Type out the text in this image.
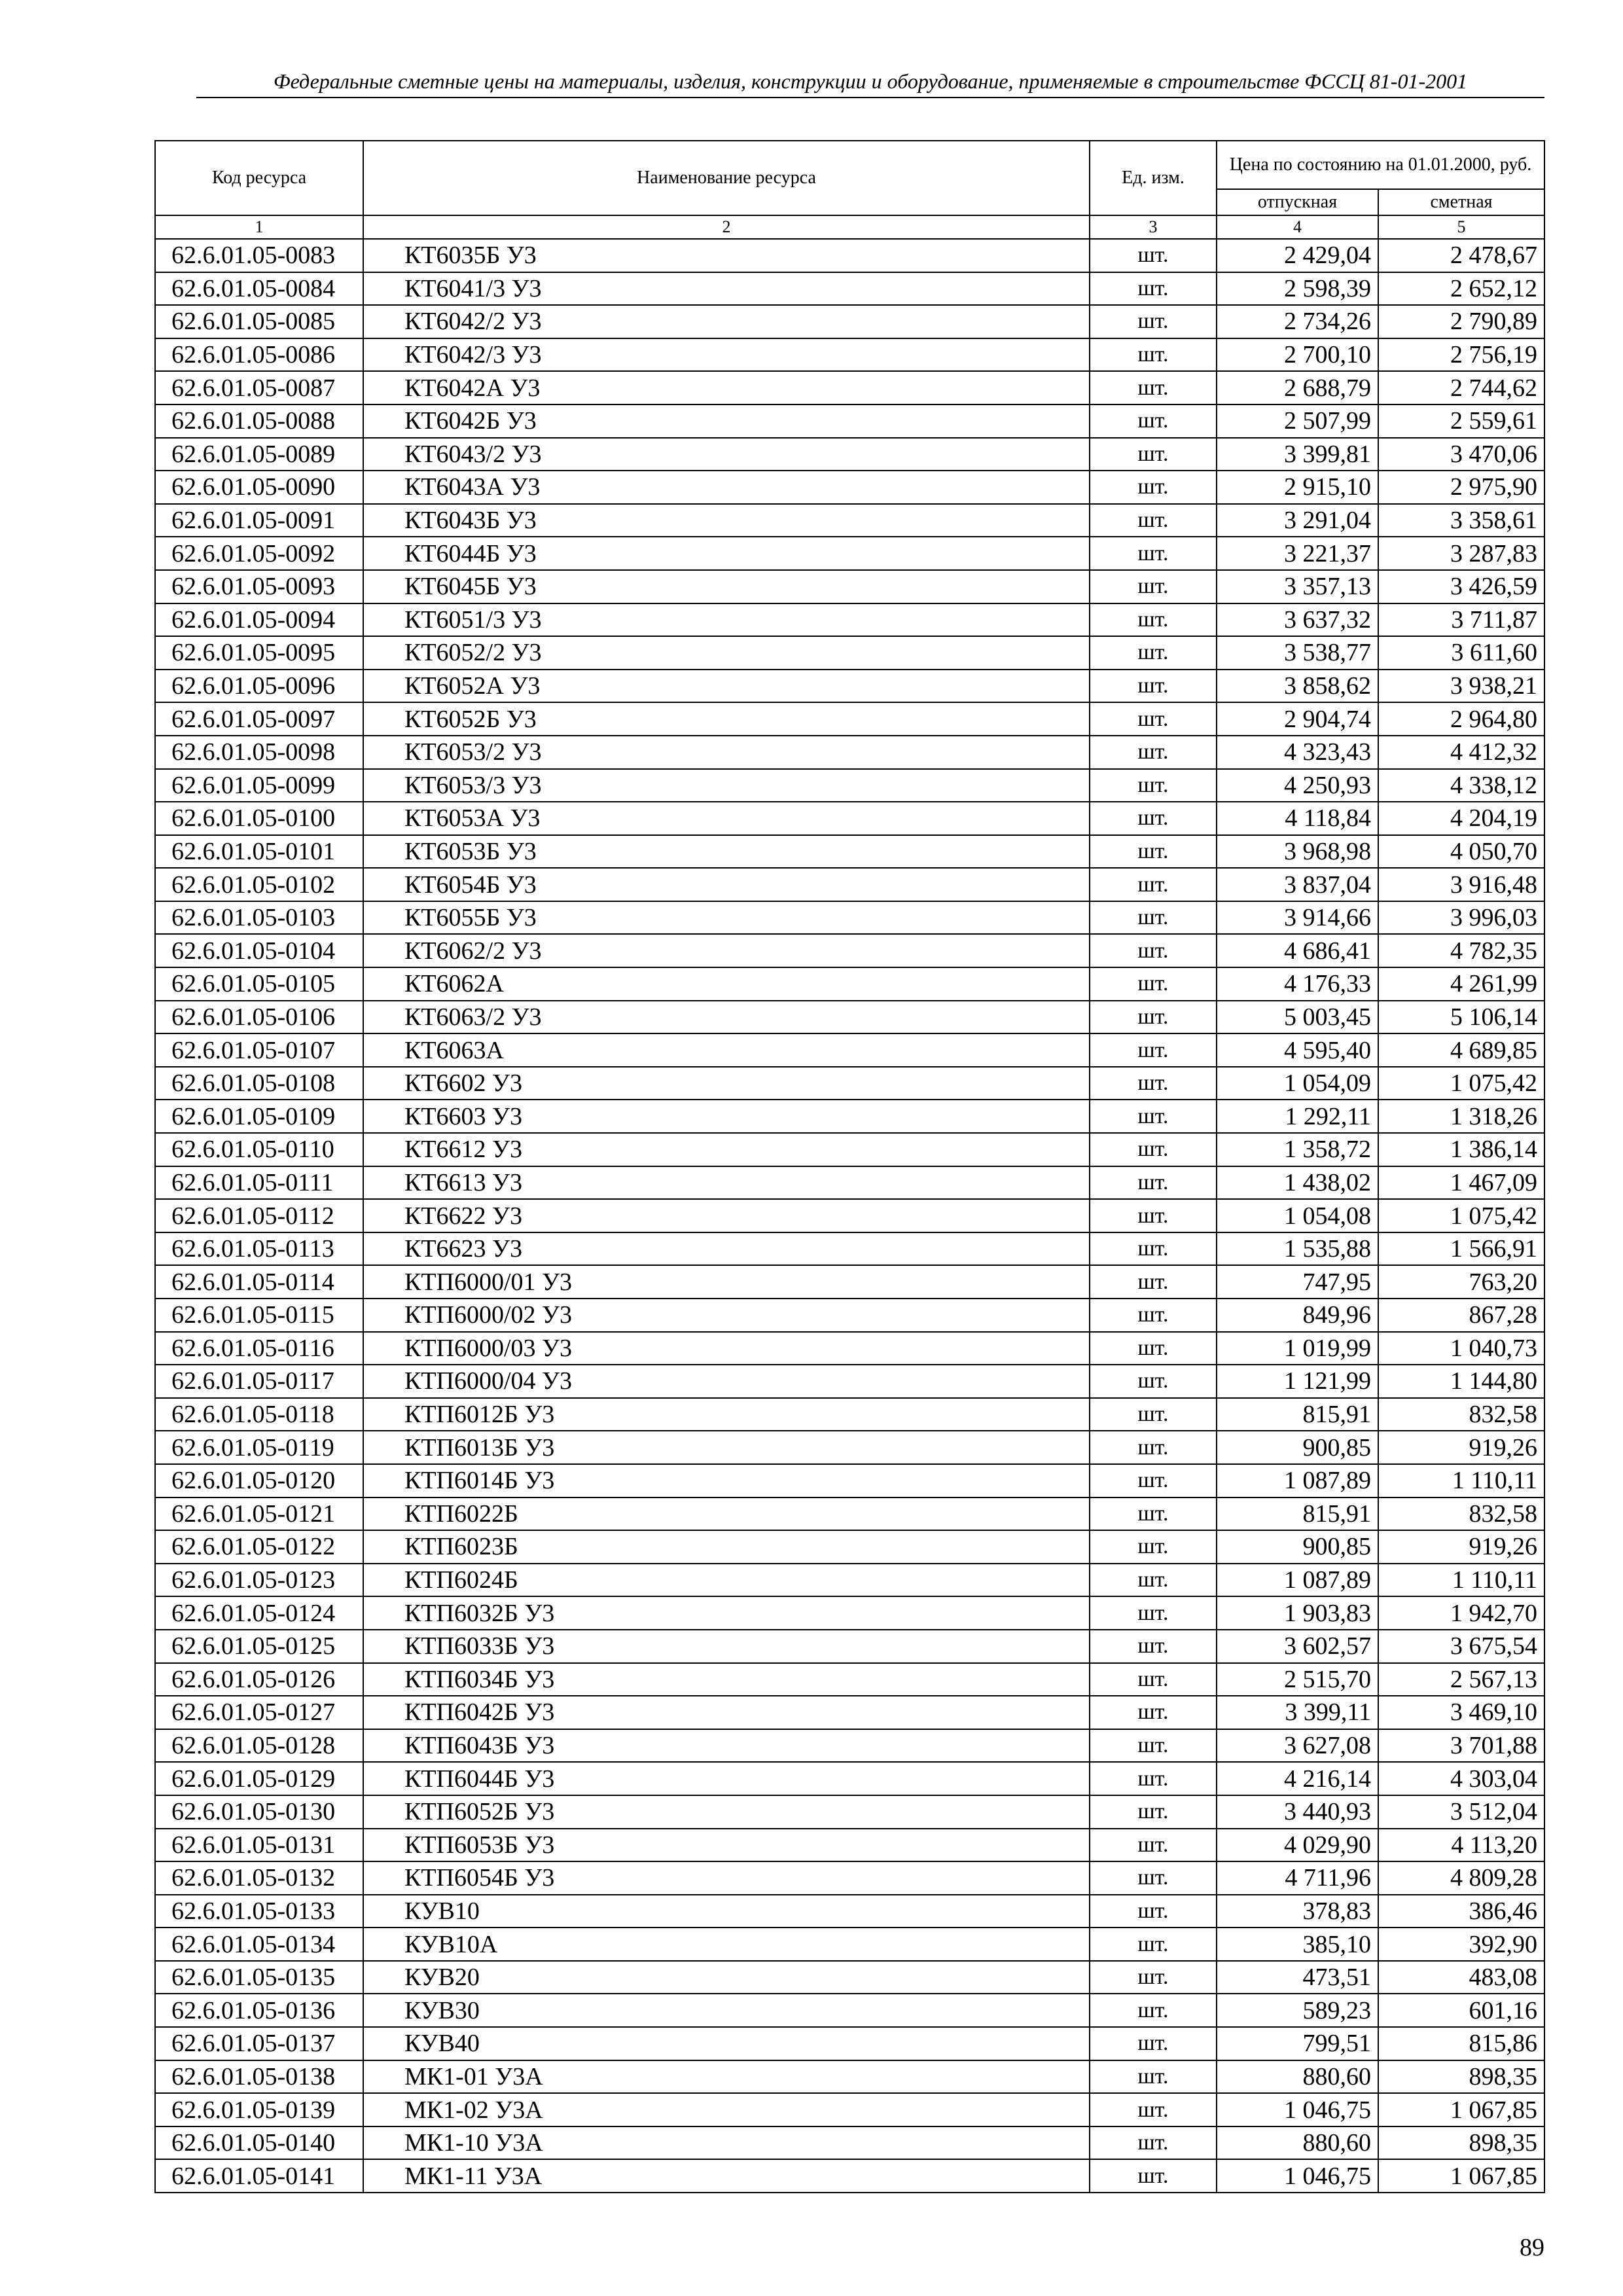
Федеральные сметные цены на материалы, изделия, конструкции и оборудование, применяемые в строительстве ФССЦ 81-01-2001
Код ресурса	Наименование ресурса	Ед. изм.	Цена по состоянию на 01.01.2000, руб.	
			отпускная	сметная
1	2	3	4	5
62.6.01.05-0083	КТ6035Б У3	шт.	2 429,04	2 478,67
62.6.01.05-0084	КТ6041/3 У3	шт.	2 598,39	2 652,12
62.6.01.05-0085	КТ6042/2 У3	шт.	2 734,26	2 790,89
62.6.01.05-0086	КТ6042/3 У3	шт.	2 700,10	2 756,19
62.6.01.05-0087	КТ6042А У3	шт.	2 688,79	2 744,62
62.6.01.05-0088	КТ6042Б У3	шт.	2 507,99	2 559,61
62.6.01.05-0089	КТ6043/2 У3	шт.	3 399,81	3 470,06
62.6.01.05-0090	КТ6043А У3	шт.	2 915,10	2 975,90
62.6.01.05-0091	КТ6043Б У3	шт.	3 291,04	3 358,61
62.6.01.05-0092	КТ6044Б У3	шт.	3 221,37	3 287,83
62.6.01.05-0093	КТ6045Б У3	шт.	3 357,13	3 426,59
62.6.01.05-0094	КТ6051/3 У3	шт.	3 637,32	3 711,87
62.6.01.05-0095	КТ6052/2 У3	шт.	3 538,77	3 611,60
62.6.01.05-0096	КТ6052А У3	шт.	3 858,62	3 938,21
62.6.01.05-0097	КТ6052Б У3	шт.	2 904,74	2 964,80
62.6.01.05-0098	КТ6053/2 У3	шт.	4 323,43	4 412,32
62.6.01.05-0099	КТ6053/3 У3	шт.	4 250,93	4 338,12
62.6.01.05-0100	КТ6053А У3	шт.	4 118,84	4 204,19
62.6.01.05-0101	КТ6053Б У3	шт.	3 968,98	4 050,70
62.6.01.05-0102	КТ6054Б У3	шт.	3 837,04	3 916,48
62.6.01.05-0103	КТ6055Б У3	шт.	3 914,66	3 996,03
62.6.01.05-0104	КТ6062/2 У3	шт.	4 686,41	4 782,35
62.6.01.05-0105	КТ6062А	шт.	4 176,33	4 261,99
62.6.01.05-0106	КТ6063/2 У3	шт.	5 003,45	5 106,14
62.6.01.05-0107	КТ6063А	шт.	4 595,40	4 689,85
62.6.01.05-0108	КТ6602 У3	шт.	1 054,09	1 075,42
62.6.01.05-0109	КТ6603 У3	шт.	1 292,11	1 318,26
62.6.01.05-0110	КТ6612 У3	шт.	1 358,72	1 386,14
62.6.01.05-0111	КТ6613 У3	шт.	1 438,02	1 467,09
62.6.01.05-0112	КТ6622 У3	шт.	1 054,08	1 075,42
62.6.01.05-0113	КТ6623 У3	шт.	1 535,88	1 566,91
62.6.01.05-0114	КТП6000/01 У3	шт.	747,95	763,20
62.6.01.05-0115	КТП6000/02 У3	шт.	849,96	867,28
62.6.01.05-0116	КТП6000/03 У3	шт.	1 019,99	1 040,73
62.6.01.05-0117	КТП6000/04 У3	шт.	1 121,99	1 144,80
62.6.01.05-0118	КТП6012Б У3	шт.	815,91	832,58
62.6.01.05-0119	КТП6013Б У3	шт.	900,85	919,26
62.6.01.05-0120	КТП6014Б У3	шт.	1 087,89	1 110,11
62.6.01.05-0121	КТП6022Б	шт.	815,91	832,58
62.6.01.05-0122	КТП6023Б	шт.	900,85	919,26
62.6.01.05-0123	КТП6024Б	шт.	1 087,89	1 110,11
62.6.01.05-0124	КТП6032Б У3	шт.	1 903,83	1 942,70
62.6.01.05-0125	КТП6033Б У3	шт.	3 602,57	3 675,54
62.6.01.05-0126	КТП6034Б У3	шт.	2 515,70	2 567,13
62.6.01.05-0127	КТП6042Б У3	шт.	3 399,11	3 469,10
62.6.01.05-0128	КТП6043Б У3	шт.	3 627,08	3 701,88
62.6.01.05-0129	КТП6044Б У3	шт.	4 216,14	4 303,04
62.6.01.05-0130	КТП6052Б У3	шт.	3 440,93	3 512,04
62.6.01.05-0131	КТП6053Б У3	шт.	4 029,90	4 113,20
62.6.01.05-0132	КТП6054Б У3	шт.	4 711,96	4 809,28
62.6.01.05-0133	КУВ10	шт.	378,83	386,46
62.6.01.05-0134	КУВ10А	шт.	385,10	392,90
62.6.01.05-0135	КУВ20	шт.	473,51	483,08
62.6.01.05-0136	КУВ30	шт.	589,23	601,16
62.6.01.05-0137	КУВ40	шт.	799,51	815,86
62.6.01.05-0138	МК1-01 У3А	шт.	880,60	898,35
62.6.01.05-0139	МК1-02 У3А	шт.	1 046,75	1 067,85
62.6.01.05-0140	МК1-10 У3А	шт.	880,60	898,35
62.6.01.05-0141	МК1-11 У3А	шт.	1 046,75	1 067,85
89
